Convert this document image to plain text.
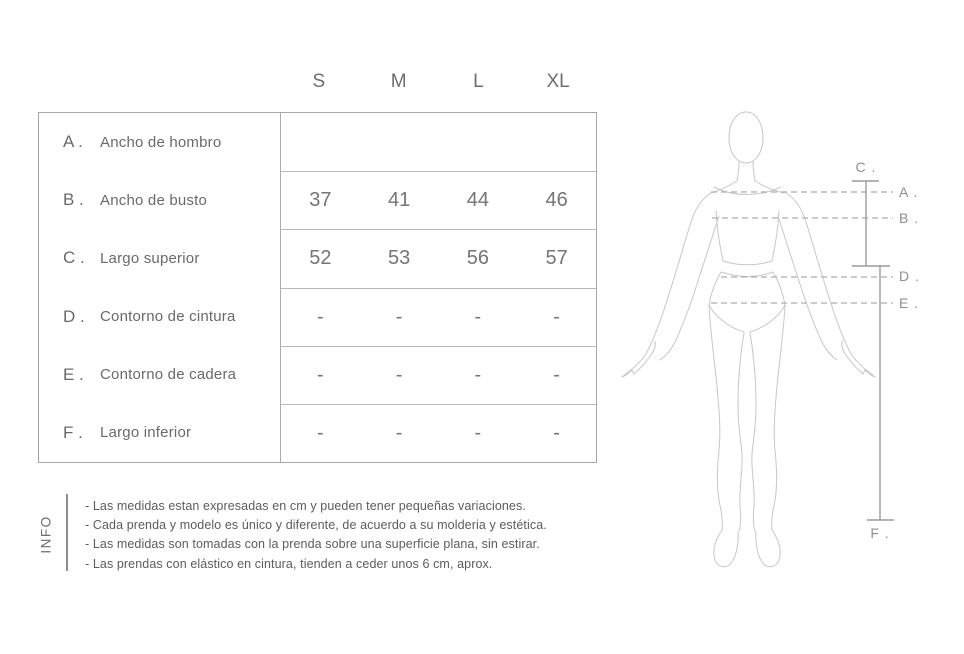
S	M	L	XL
A .	Ancho de hombro
B .	Ancho de busto	37	41	44	46
C .	Largo superior	52	53	56	57
D .	Contorno de cintura	-	-	-	-
E .	Contorno de cadera	-	-	-	-
F .	Largo inferior	-	-	-	-
INFO
- Las medidas estan expresadas en cm y pueden tener pequeñas variaciones.
- Cada prenda y modelo es único y diferente, de acuerdo a su molderia y estética.
- Las medidas son tomadas con la prenda sobre una superficie plana, sin estirar.
- Las prendas con elástico en cintura, tienden a ceder unos 6 cm, aprox.
C .
A .
B .
D .
E .
F .
